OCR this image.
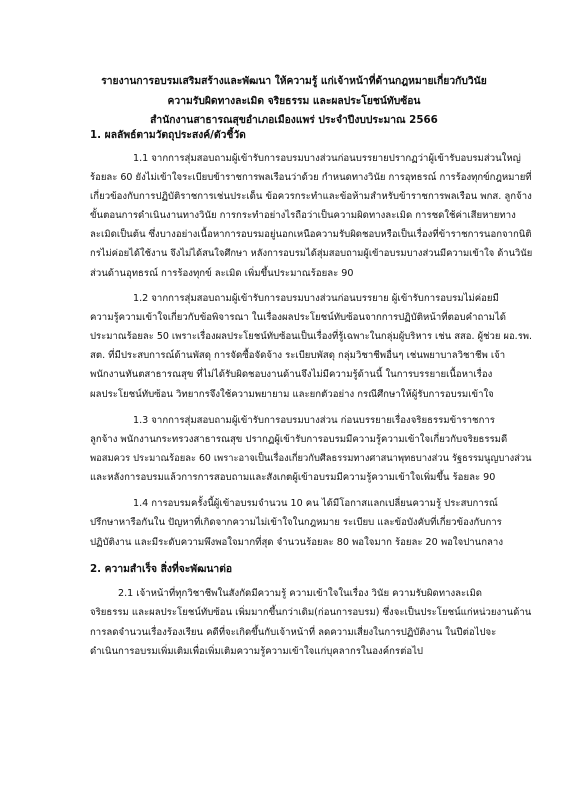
รายงานการอบรมเสริมสร้างและพัฒนา ให้ความรู้ แก่เจ้าหน้าที่ด้านกฎหมายเกี่ยวกับวินัย
ความรับผิดทางละเมิด จริยธรรม และผลประโยชน์ทับซ้อน
สำนักงานสาธารณสุขอำเภอเมืองแพร่ ประจำปีงบประมาณ 2566
1. ผลลัพธ์ตามวัตถุประสงค์/ตัวชี้วัด
1.1 จากการสุ่มสอบถามผู้เข้ารับการอบรมบางส่วนก่อนบรรยายปรากฏว่าผู้เข้ารับอบรมส่วนใหญ่
ร้อยละ 60 ยังไม่เข้าใจระเบียบข้าราชการพลเรือนว่าด้วย กำหนดทางวินัย การอุทธรณ์ การร้องทุกข์กฎหมายที่
เกี่ยวข้องกับการปฏิบัติราชการเช่นประเด็น ข้อควรกระทำและข้อห้ามสำหรับข้าราชการพลเรือน พกส. ลูกจ้าง
ขั้นตอนการดำเนินงานทางวินัย การกระทำอย่างไรถือว่าเป็นความผิดทางละเมิด การชดใช้ค่าเสียหายทาง
ละเมิดเป็นต้น ซึ่งบางอย่างเนื้อหาการอบรมอยู่นอกเหนือความรับผิดชอบหรือเป็นเรื่องที่ข้าราชการนอกจากนิติ
กรไม่ค่อยได้ใช้งาน จึงไม่ได้สนใจศึกษา หลังการอบรมได้สุ่มสอบถามผู้เข้าอบรมบางส่วนมีความเข้าใจ ด้านวินัย
ส่วนด้านอุทธรณ์ การร้องทุกข์ ละเมิด เพิ่มขึ้นประมาณร้อยละ 90
1.2 จากการสุ่มสอบถามผู้เข้ารับการอบรมบางส่วนก่อนบรรยาย ผู้เข้ารับการอบรมไม่ค่อยมี
ความรู้ความเข้าใจเกี่ยวกับข้อพิจารณา ในเรื่องผลประโยชน์ทับซ้อนจากการปฏิบัติหน้าที่ตอบคำถามได้
ประมาณร้อยละ 50 เพราะเรื่องผลประโยชน์ทับซ้อนเป็นเรื่องที่รู้เฉพาะในกลุ่มผู้บริหาร เช่น สสอ. ผู้ช่วย ผอ.รพ.
สต. ที่มีประสบการณ์ด้านพัสดุ การจัดซื้อจัดจ้าง ระเบียบพัสดุ กลุ่มวิชาชีพอื่นๆ เช่นพยาบาลวิชาชีพ เจ้า
พนักงานทันตสาธารณสุข ที่ไม่ได้รับผิดชอบงานด้านจึงไม่มีความรู้ด้านนี้ ในการบรรยายเนื้อหาเรื่อง
ผลประโยชน์ทับซ้อน วิทยากรจึงใช้ความพยายาม และยกตัวอย่าง กรณีศึกษาให้ผู้รับการอบรมเข้าใจ
1.3 จากการสุ่มสอบถามผู้เข้ารับการอบรมบางส่วน ก่อนบรรยายเรื่องจริยธรรมข้าราชการ
ลูกจ้าง พนักงานกระทรวงสาธารณสุข ปรากฏผู้เข้ารับการอบรมมีความรู้ความเข้าใจเกี่ยวกับจริยธรรมดี
พอสมควร ประมาณร้อยละ 60 เพราะอาจเป็นเรื่องเกี่ยวกับศีลธรรมทางศาสนาพุทธบางส่วน รัฐธรรมนูญบางส่วน
และหลังการอบรมแล้วการการสอบถามและสังเกตผู้เข้าอบรมมีความรู้ความเข้าใจเพิ่มขึ้น ร้อยละ 90
1.4 การอบรมครั้งนี้ผู้เข้าอบรมจำนวน 10 คน ได้มีโอกาสแลกเปลี่ยนความรู้ ประสบการณ์
ปรึกษาหารือกันใน ปัญหาที่เกิดจากความไม่เข้าใจในกฎหมาย ระเบียบ และข้อบังคับที่เกี่ยวข้องกับการ
ปฏิบัติงาน และมีระดับความพึงพอใจมากที่สุด จำนวนร้อยละ 80 พอใจมาก ร้อยละ 20 พอใจปานกลาง
2. ความสำเร็จ สิ่งที่จะพัฒนาต่อ
2.1 เจ้าหน้าที่ทุกวิชาชีพในสังกัดมีความรู้ ความเข้าใจในเรื่อง วินัย ความรับผิดทางละเมิด
จริยธรรม และผลประโยชน์ทับซ้อน เพิ่มมากขึ้นกว่าเดิม(ก่อนการอบรม) ซึ่งจะเป็นประโยชน์แก่หน่วยงานด้าน
การลดจำนวนเรื่องร้องเรียน คดีที่จะเกิดขึ้นกับเจ้าหน้าที่ ลดความเสี่ยงในการปฏิบัติงาน ในปีต่อไปจะ
ดำเนินการอบรมเพิ่มเติมเพื่อเพิ่มเติมความรู้ความเข้าใจแก่บุคลากรในองค์กรต่อไป
